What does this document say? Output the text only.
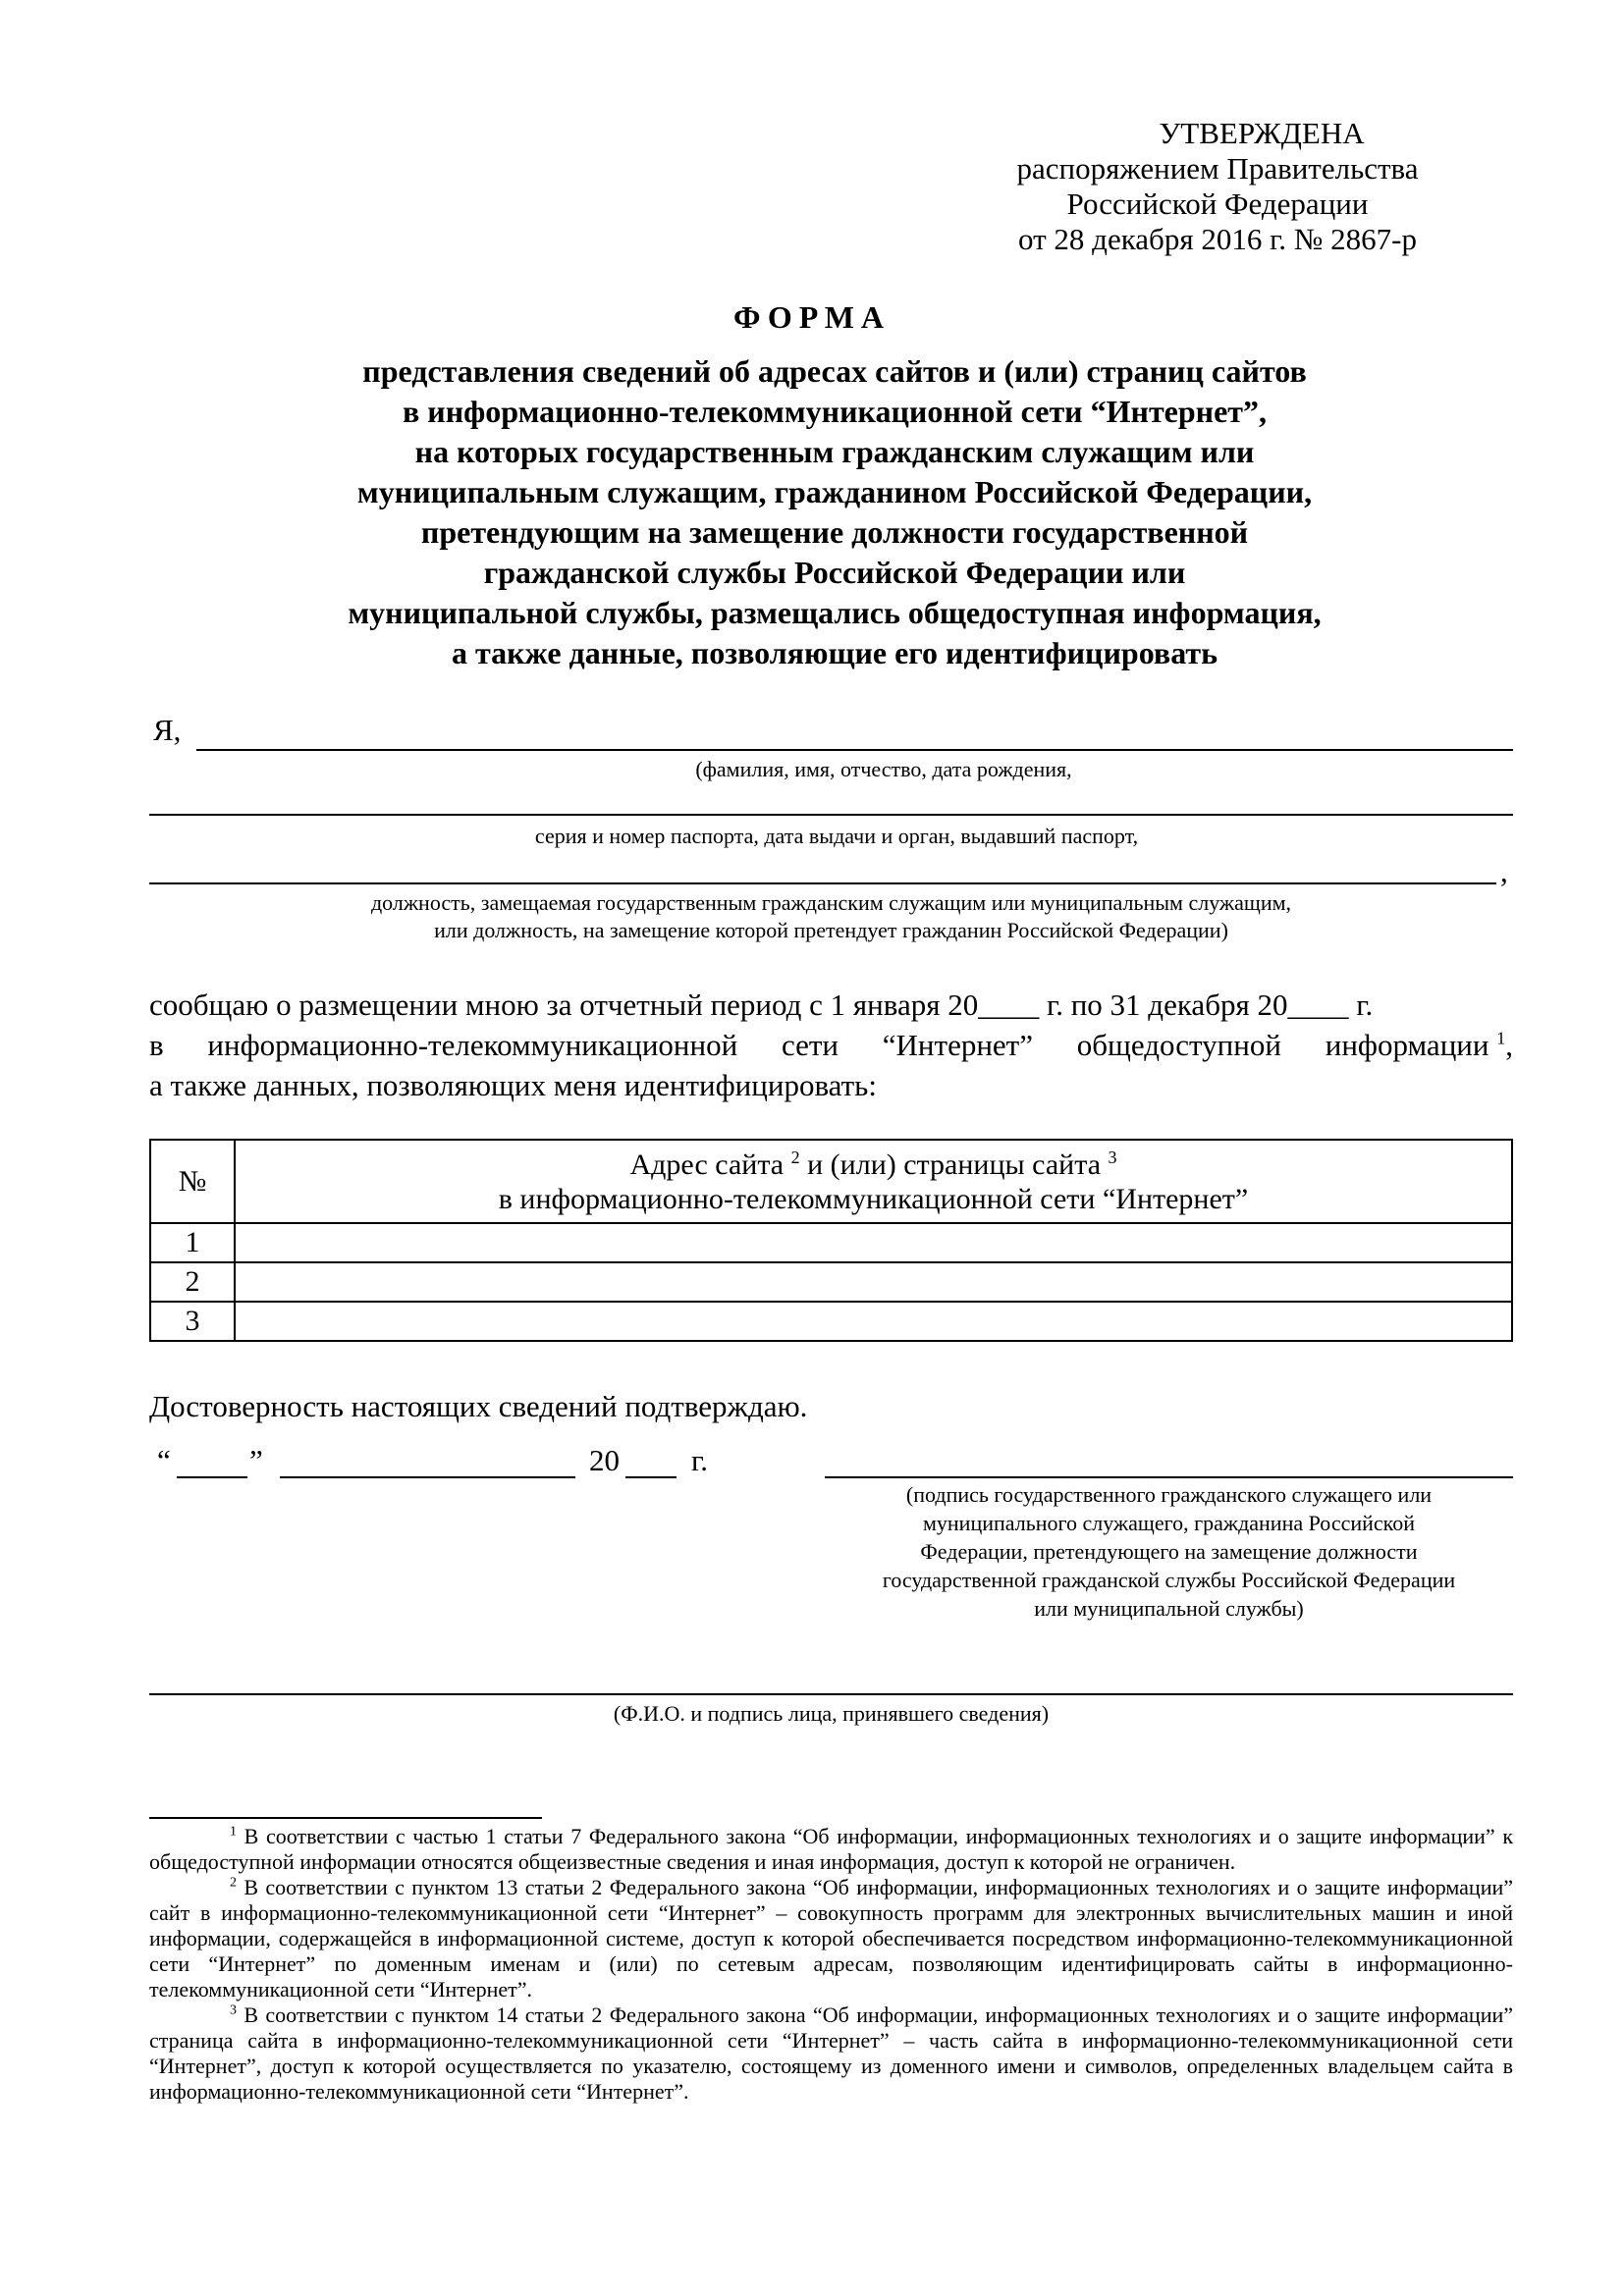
УТВЕРЖДЕНА
распоряжением Правительства
Российской Федерации
от 28 декабря 2016 г. № 2867-р
ФОРМА
представления сведений об адресах сайтов и (или) страниц сайтов
в информационно-телекоммуникационной сети “Интернет”,
на которых государственным гражданским служащим или
муниципальным служащим, гражданином Российской Федерации,
претендующим на замещение должности государственной
гражданской службы Российской Федерации или
муниципальной службы, размещались общедоступная информация,
а также данные, позволяющие его идентифицировать
Я,
(фамилия, имя, отчество, дата рождения,
серия и номер паспорта, дата выдачи и орган, выдавший паспорт,
,
должность, замещаемая государственным гражданским служащим или муниципальным служащим,
или должность, на замещение которой претендует гражданин Российской Федерации)
сообщаю о размещении мною за отчетный период с 1 января 20____ г. по 31 декабря 20____ г.
в информационно-телекоммуникационной сети “Интернет” общедоступной информации $^1$,
а также данных, позволяющих меня идентифицировать:
№	Адрес сайта $^2$ и (или) страницы сайта $^3$
в информационно-телекоммуникационной сети “Интернет”

1	
2	
3	
Достоверность настоящих сведений подтверждаю.
“	”	20 г.
(подпись государственного гражданского служащего или
муниципального служащего, гражданина Российской
Федерации, претендующего на замещение должности
государственной гражданской службы Российской Федерации
или муниципальной службы)
(Ф.И.О. и подпись лица, принявшего сведения)

$^1$ В соответствии с частью 1 статьи 7 Федерального закона “Об информации, информационных технологиях и о защите информации” к общедоступной информации относятся общеизвестные сведения и иная информация, доступ к которой не ограничен.

$^2$ В соответствии с пунктом 13 статьи 2 Федерального закона “Об информации, информационных технологиях и о защите информации” сайт в информационно-телекоммуникационной сети “Интернет” – совокупность программ для электронных вычислительных машин и иной информации, содержащейся в информационной системе, доступ к которой обеспечивается посредством информационно-телекоммуникационной сети “Интернет” по доменным именам и (или) по сетевым адресам, позволяющим идентифицировать сайты в информационно-телекоммуникационной сети “Интернет”.

$^3$ В соответствии с пунктом 14 статьи 2 Федерального закона “Об информации, информационных технологиях и о защите информации” страница сайта в информационно-телекоммуникационной сети “Интернет” – часть сайта в информационно-телекоммуникационной сети “Интернет”, доступ к которой осуществляется по указателю, состоящему из доменного имени и символов, определенных владельцем сайта в информационно-телекоммуникационной сети “Интернет”.
